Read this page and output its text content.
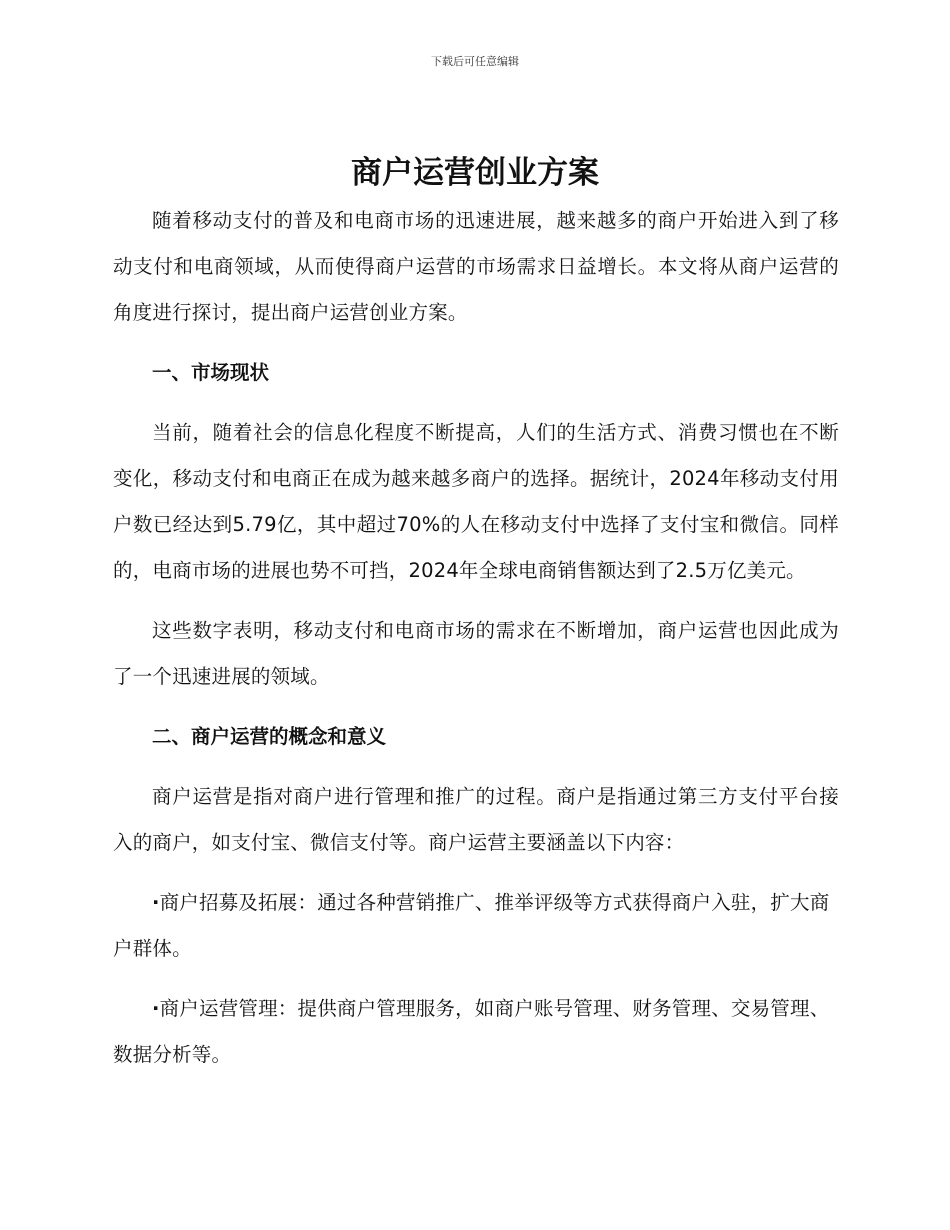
下载后可任意编辑
商户运营创业方案

随着移动支付的普及和电商市场的迅速进展，越来越多的商户开始进入到了移动支付和电商领域，从而使得商户运营的市场需求日益增长。本文将从商户运营的角度进行探讨，提出商户运营创业方案。

一、市场现状

当前，随着社会的信息化程度不断提高，人们的生活方式、消费习惯也在不断变化，移动支付和电商正在成为越来越多商户的选择。据统计，2024年移动支付用户数已经达到5.79亿，其中超过70%的人在移动支付中选择了支付宝和微信。同样的，电商市场的进展也势不可挡，2024年全球电商销售额达到了2.5万亿美元。

这些数字表明，移动支付和电商市场的需求在不断增加，商户运营也因此成为了一个迅速进展的领域。

二、商户运营的概念和意义

商户运营是指对商户进行管理和推广的过程。商户是指通过第三方支付平台接入的商户，如支付宝、微信支付等。商户运营主要涵盖以下内容：

·商户招募及拓展：通过各种营销推广、推举评级等方式获得商户入驻，扩大商户群体。

·商户运营管理：提供商户管理服务，如商户账号管理、财务管理、交易管理、数据分析等。
